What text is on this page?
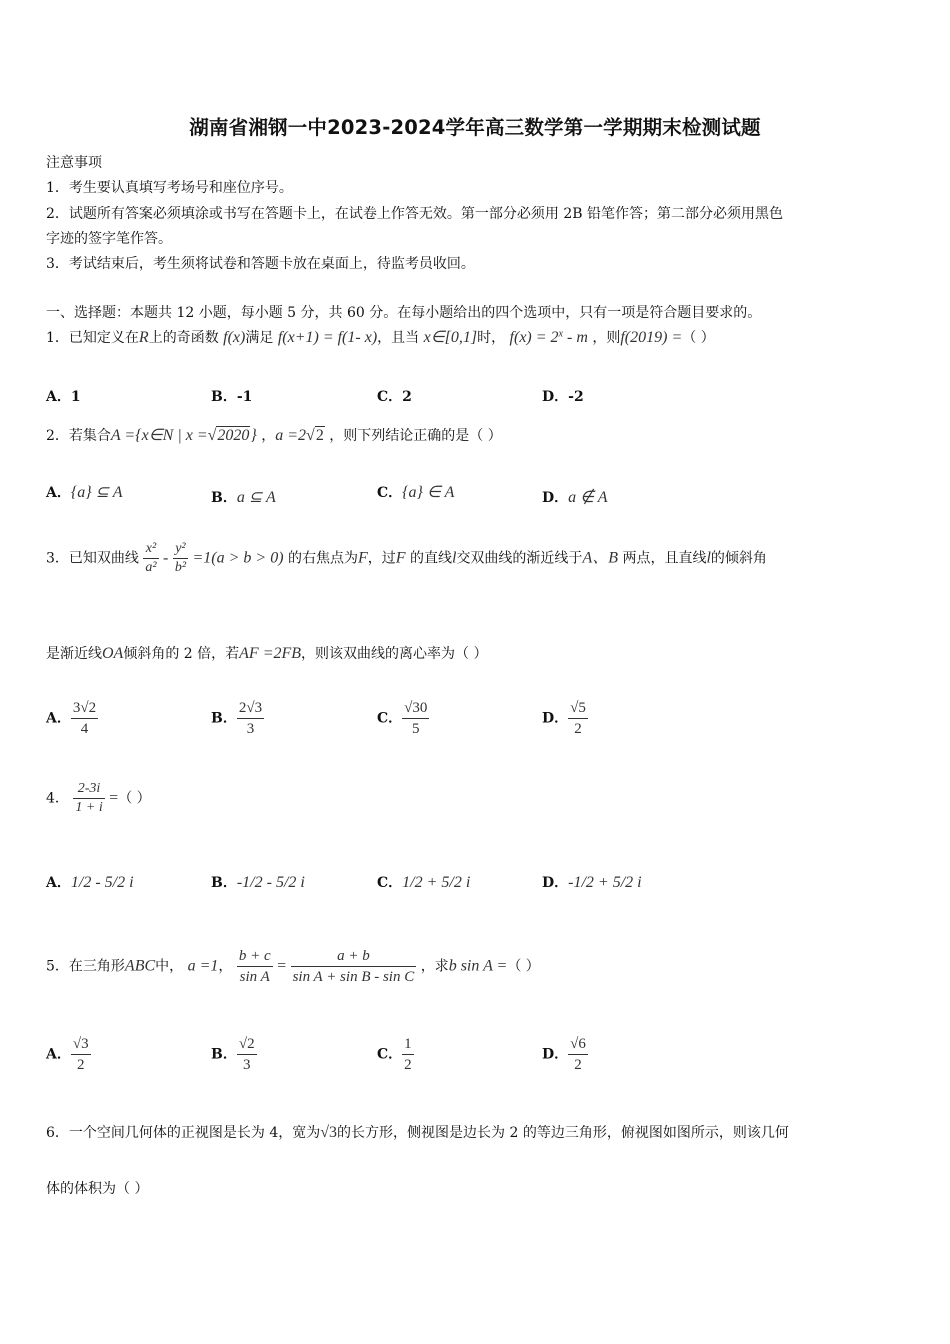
湖南省湘钢一中2023-2024学年高三数学第一学期期末检测试题
注意事项
1．考生要认真填写考场号和座位序号。
2．试题所有答案必须填涂或书写在答题卡上，在试卷上作答无效。第一部分必须用 2B 铅笔作答；第二部分必须用黑色
字迹的签字笔作答。
3．考试结束后，考生须将试卷和答题卡放在桌面上，待监考员收回。
一、选择题：本题共 12 小题，每小题 5 分，共 60 分。在每小题给出的四个选项中，只有一项是符合题目要求的。
1．已知定义在R上的奇函数 f(x)满足 f(x+1) = f(1- x)，且当 x∈[0,1]时， $f(x) = 2^x - m$ ，则f(2019) =（ ）
A．1	B．-1	C．2	D．-2
2．若集合A ={x∈N | x =√2020} ，a =2√2 ，则下列结论正确的是（ ）
A．{a} ⊆ A	B．a ⊆ A	C．{a} ∈ A	D．a ∉ A
3．已知双曲线 $\frac{\text{x²}}{\text{a²}} - \frac{\text{y²}}{\text{b²}} =1(a > b > 0)$ 的右焦点为F，过F 的直线l交双曲线的渐近线于A、B 两点，且直线l的倾斜角
是渐近线OA倾斜角的 2 倍，若AF =2FB，则该双曲线的离心率为（ ）
A． $\frac{3√2}{4}$	B． $\frac{2√3}{3}$	C． $\frac{√30}{5}$	D． $\frac{√5}{2}$
4． $\frac{2-3i}{1 + i}$ =（ ）
A．1/2 - 5/2 i	B．-1/2 - 5/2 i	C．1/2 + 5/2 i	D．-1/2 + 5/2 i
5．在三角形ABC中， a =1， $\frac{b + c}{\text{sin A}} = \frac{a + b}{\text{sin A + sin B - sin C}}$ ，求b sin A =（ ）
A． $\frac{√3}{2}$	B． $\frac{√2}{3}$	C． $\frac{1}{2}$	D． $\frac{√6}{2}$
6．一个空间几何体的正视图是长为 4，宽为√3的长方形，侧视图是边长为 2 的等边三角形，俯视图如图所示，则该几何
体的体积为（ ）
